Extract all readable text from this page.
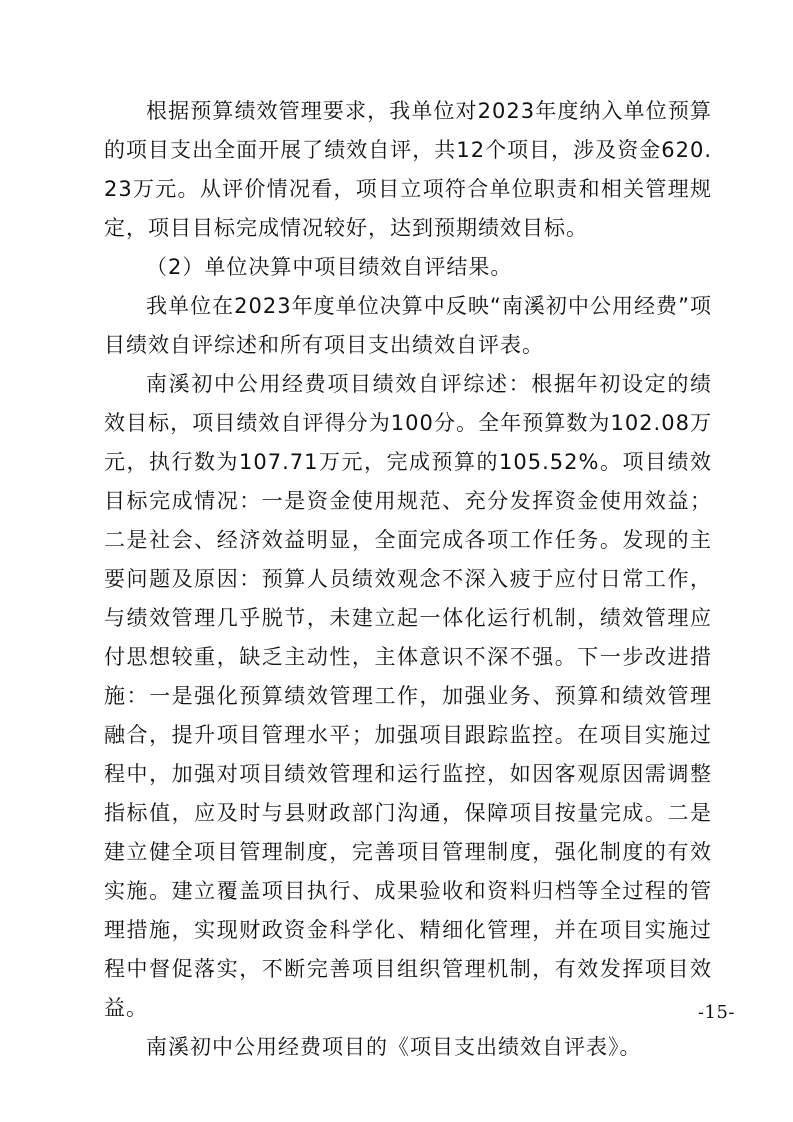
根据预算绩效管理要求，我单位对2023年度纳入单位预算的项目支出全面开展了绩效自评，共12个项目，涉及资金620.23万元。从评价情况看，项目立项符合单位职责和相关管理规定，项目目标完成情况较好，达到预期绩效目标。

（2）单位决算中项目绩效自评结果。

我单位在2023年度单位决算中反映“南溪初中公用经费”项目绩效自评综述和所有项目支出绩效自评表。

南溪初中公用经费项目绩效自评综述：根据年初设定的绩效目标，项目绩效自评得分为100分。全年预算数为102.08万元，执行数为107.71万元，完成预算的105.52%。项目绩效目标完成情况：一是资金使用规范、充分发挥资金使用效益；二是社会、经济效益明显，全面完成各项工作任务。发现的主要问题及原因：预算人员绩效观念不深入疲于应付日常工作，与绩效管理几乎脱节，未建立起一体化运行机制，绩效管理应付思想较重，缺乏主动性，主体意识不深不强。下一步改进措施：一是强化预算绩效管理工作，加强业务、预算和绩效管理融合，提升项目管理水平；加强项目跟踪监控。在项目实施过程中，加强对项目绩效管理和运行监控，如因客观原因需调整指标值，应及时与县财政部门沟通，保障项目按量完成。二是建立健全项目管理制度，完善项目管理制度，强化制度的有效实施。建立覆盖项目执行、成果验收和资料归档等全过程的管理措施，实现财政资金科学化、精细化管理，并在项目实施过程中督促落实，不断完善项目组织管理机制，有效发挥项目效益。

南溪初中公用经费项目的《项目支出绩效自评表》。

-15-
